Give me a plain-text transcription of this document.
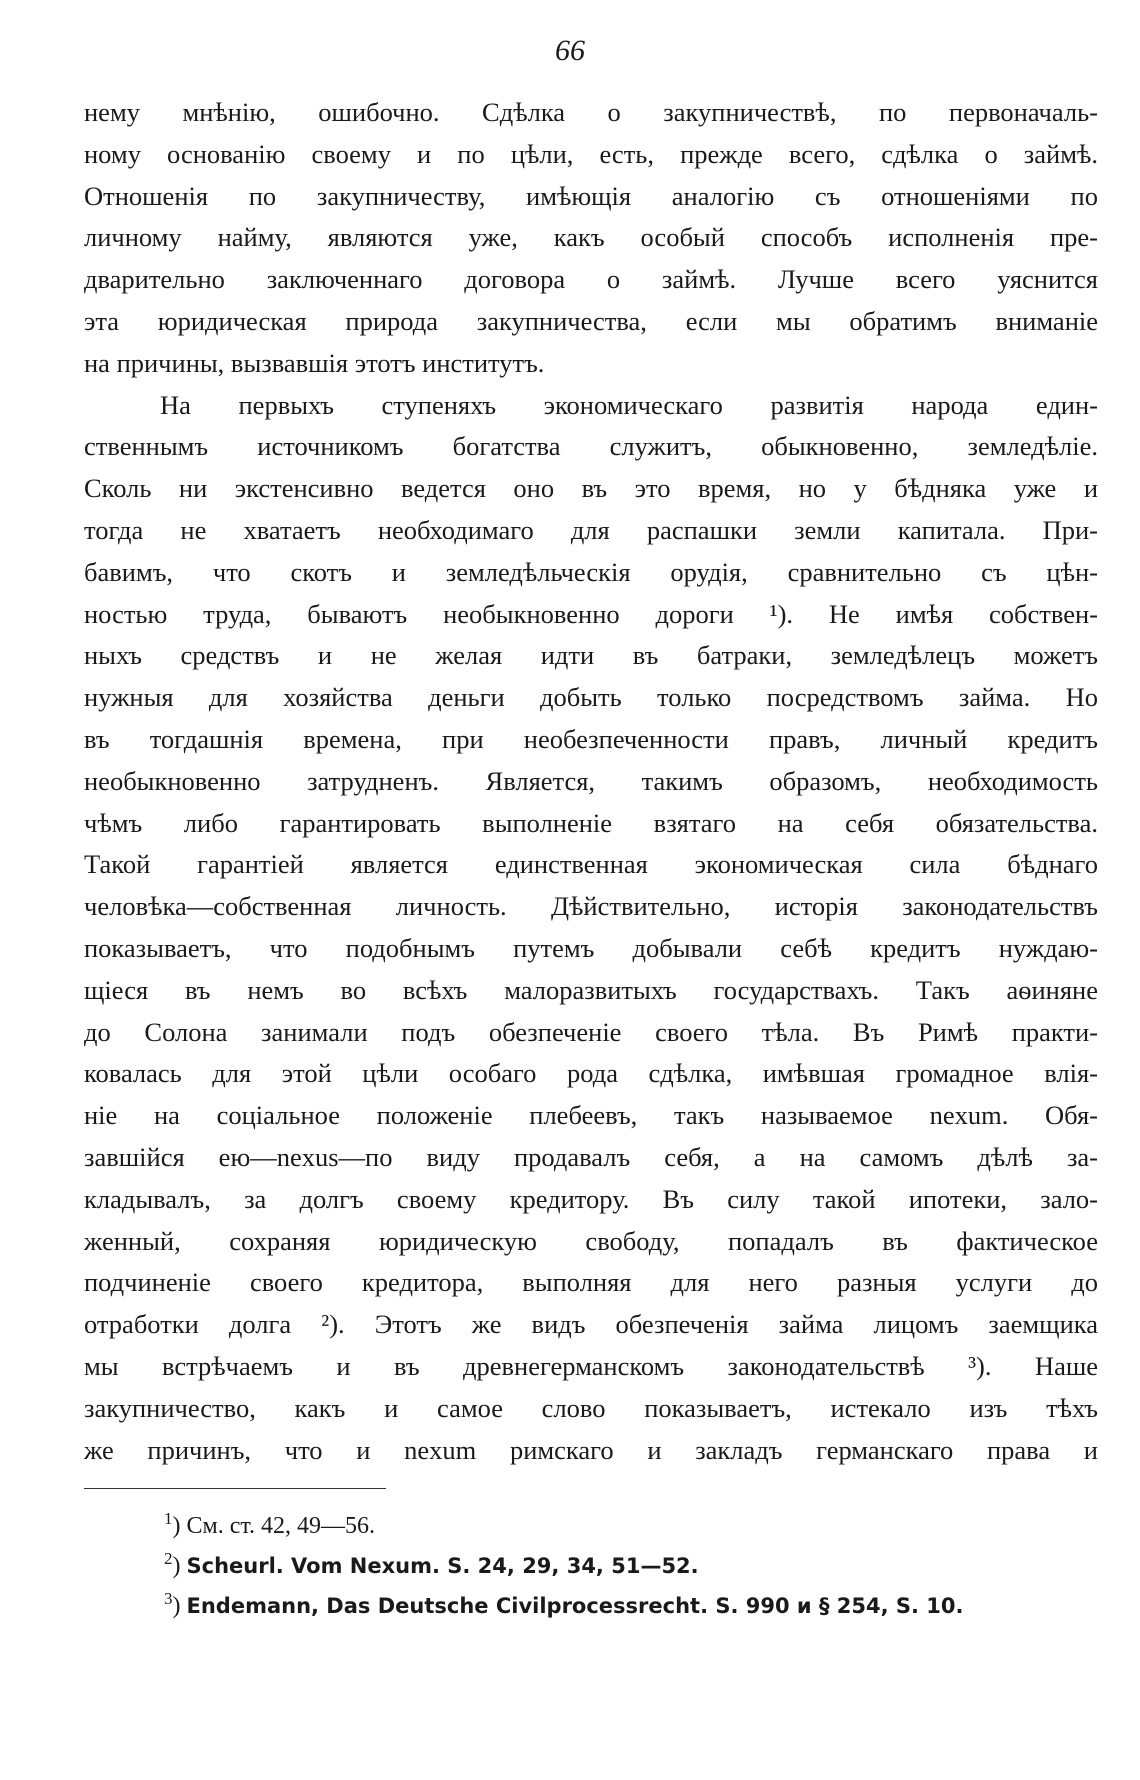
66
нему мнѣнію, ошибочно. Сдѣлка о закупничествѣ, по первоначаль-
ному основанію своему и по цѣли, есть, прежде всего, сдѣлка о займѣ.
Отношенія по закупничеству, имѣющія аналогію съ отношеніями по
личному найму, являются уже, какъ особый способъ исполненія пре-
дварительно заключеннаго договора о займѣ. Лучше всего уяснится
эта юридическая природа закупничества, если мы обратимъ вниманіе
на причины, вызвавшія этотъ институтъ.
На первыхъ ступеняхъ экономическаго развитія народа един-
ственнымъ источникомъ богатства служитъ, обыкновенно, земледѣліе.
Сколь ни экстенсивно ведется оно въ это время, но у бѣдняка уже и
тогда не хватаетъ необходимаго для распашки земли капитала. При-
бавимъ, что скотъ и земледѣльческія орудія, сравнительно съ цѣн-
ностью труда, бываютъ необыкновенно дороги ¹). Не имѣя собствен-
ныхъ средствъ и не желая идти въ батраки, земледѣлецъ можетъ
нужныя для хозяйства деньги добыть только посредствомъ займа. Но
въ тогдашнія времена, при необезпеченности правъ, личный кредитъ
необыкновенно затрудненъ. Является, такимъ образомъ, необходимость
чѣмъ либо гарантировать выполненіе взятаго на себя обязательства.
Такой гарантіей является единственная экономическая сила бѣднаго
человѣка—собственная личность. Дѣйствительно, исторія законодательствъ
показываетъ, что подобнымъ путемъ добывали себѣ кредитъ нуждаю-
щіеся въ немъ во всѣхъ малоразвитыхъ государствахъ. Такъ аѳиняне
до Солона занимали подъ обезпеченіе своего тѣла. Въ Римѣ практи-
ковалась для этой цѣли особаго рода сдѣлка, имѣвшая громадное влія-
ніе на соціальное положеніе плебеевъ, такъ называемое nexum. Обя-
завшійся ею—nexus—по виду продавалъ себя, а на самомъ дѣлѣ за-
кладывалъ, за долгъ своему кредитору. Въ силу такой ипотеки, зало-
женный, сохраняя юридическую свободу, попадалъ въ фактическое
подчиненіе своего кредитора, выполняя для него разныя услуги до
отработки долга ²). Этотъ же видъ обезпеченія займа лицомъ заемщика
мы встрѣчаемъ и въ древнегерманскомъ законодательствѣ ³). Наше
закупничество, какъ и самое слово показываетъ, истекало изъ тѣхъ
же причинъ, что и nexum римскаго и закладъ германскаго права и
$^1$) См. ст. 42, 49—56.
$^2$) Scheurl. Vom Nexum. S. 24, 29, 34, 51—52.
$^3$) Endemann, Das Deutsche Civilprocessrecht. S. 990 и § 254, S. 10.
